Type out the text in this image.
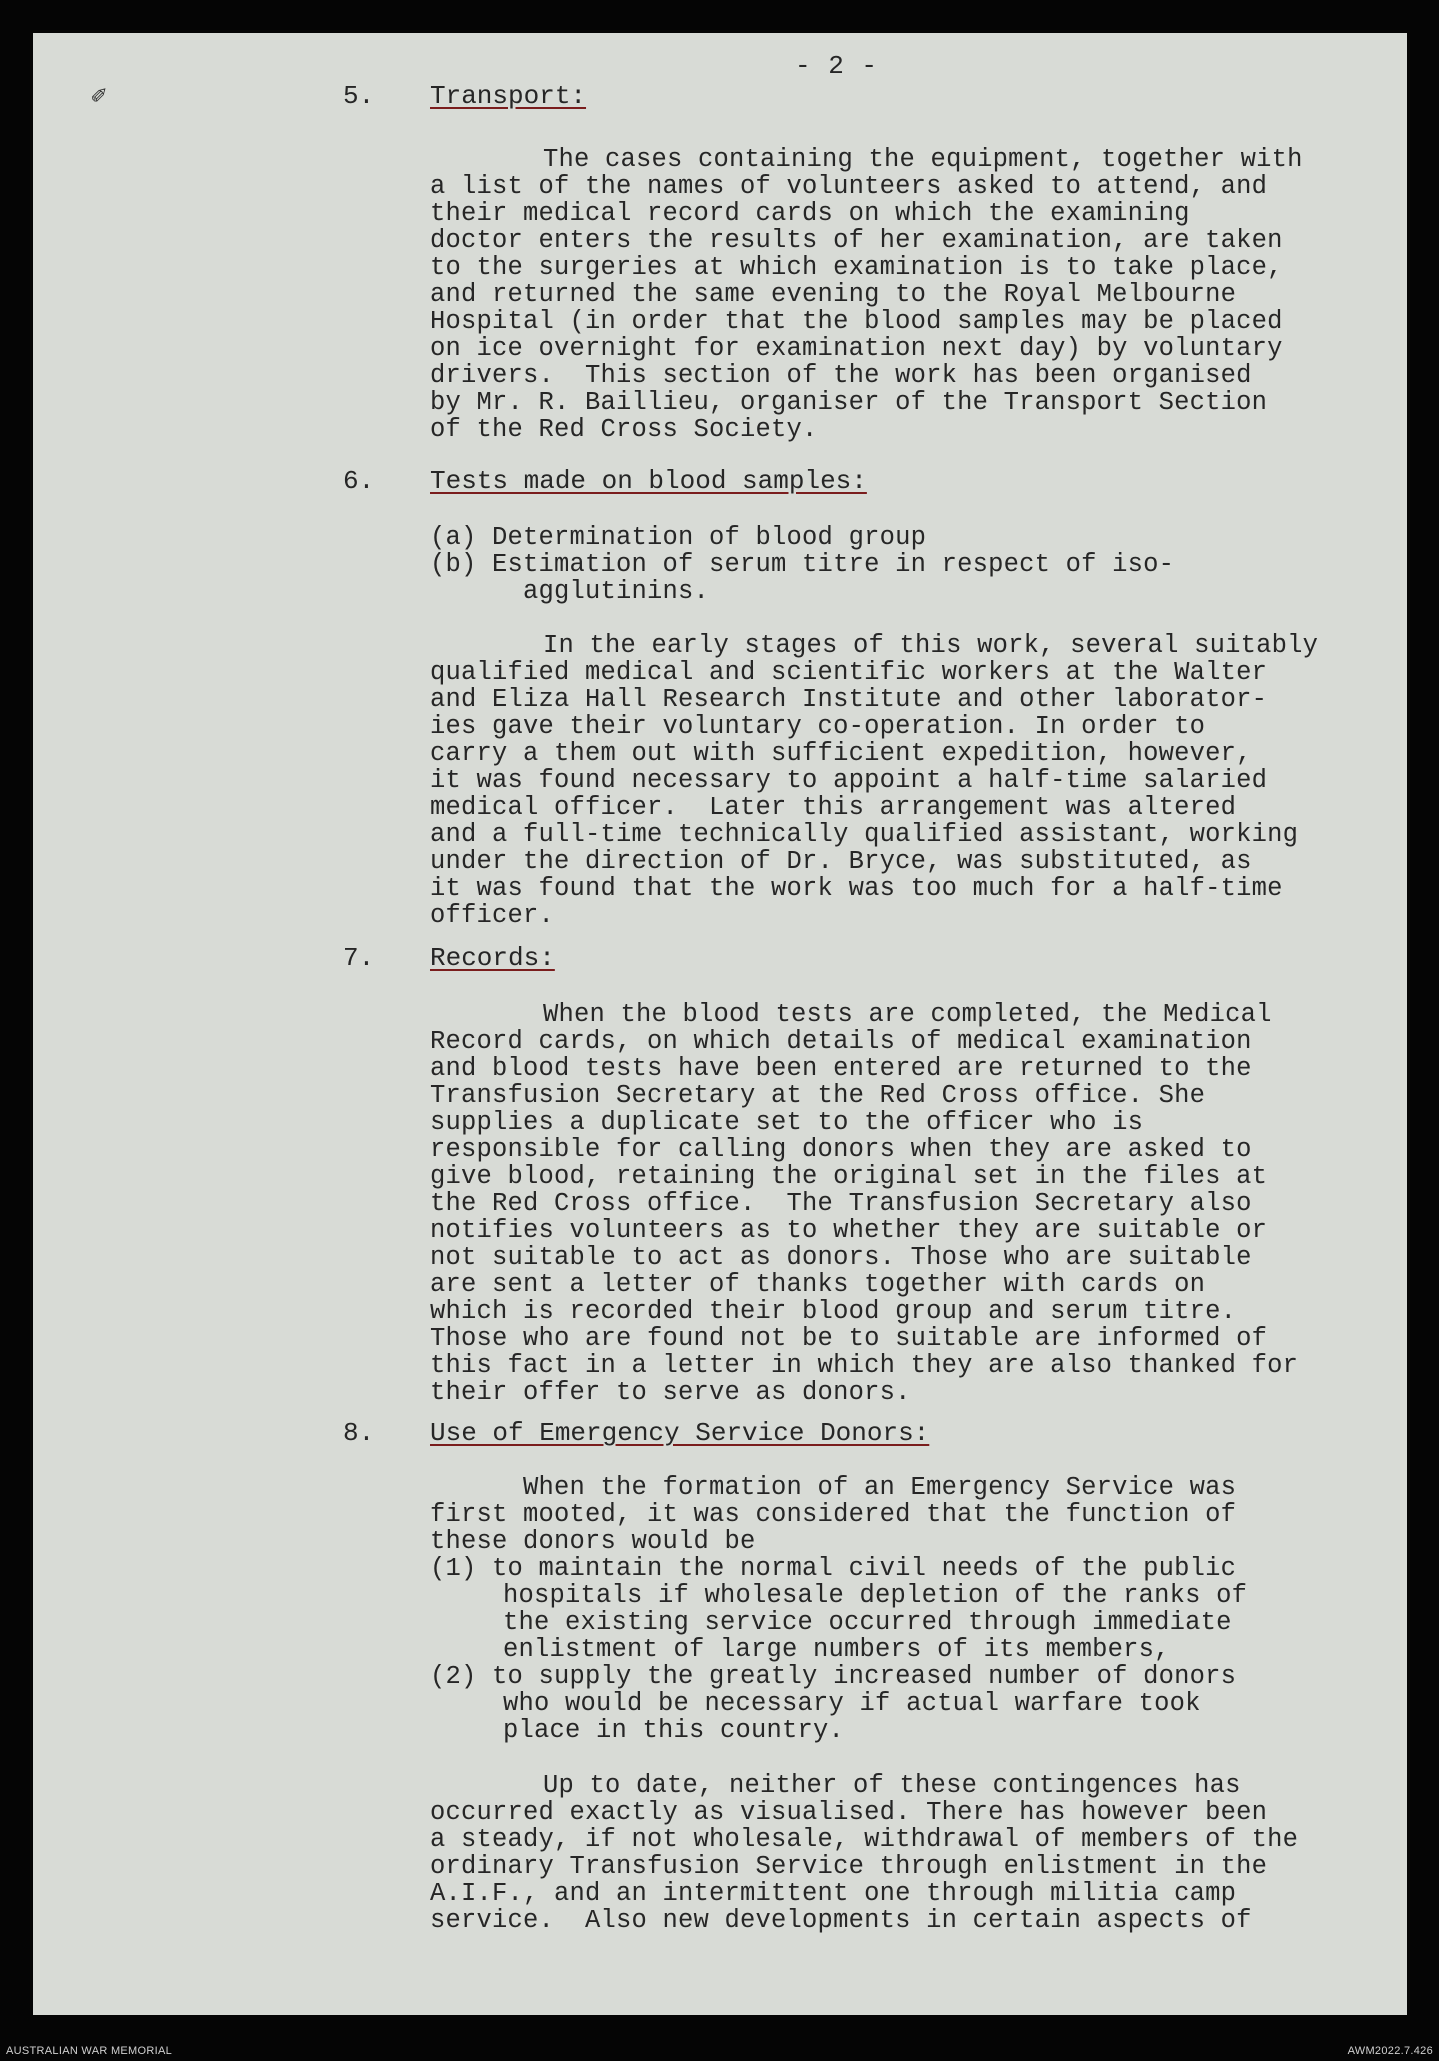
✐
- 2 -
5. Transport:
The cases containing the equipment, together with
a list of the names of volunteers asked to attend, and
their medical record cards on which the examining
doctor enters the results of her examination, are taken
to the surgeries at which examination is to take place,
and returned the same evening to the Royal Melbourne
Hospital (in order that the blood samples may be placed
on ice overnight for examination next day) by voluntary
drivers.  This section of the work has been organised
by Mr. R. Baillieu, organiser of the Transport Section
of the Red Cross Society.
6. Tests made on blood samples:
(a) Determination of blood group
(b) Estimation of serum titre in respect of iso-
agglutinins.
In the early stages of this work, several suitably
qualified medical and scientific workers at the Walter
and Eliza Hall Research Institute and other laborator-
ies gave their voluntary co-operation. In order to
carry a them out with sufficient expedition, however,
it was found necessary to appoint a half-time salaried
medical officer.  Later this arrangement was altered
and a full-time technically qualified assistant, working
under the direction of Dr. Bryce, was substituted, as
it was found that the work was too much for a half-time
officer.
7. Records:
When the blood tests are completed, the Medical
Record cards, on which details of medical examination
and blood tests have been entered are returned to the
Transfusion Secretary at the Red Cross office. She
supplies a duplicate set to the officer who is
responsible for calling donors when they are asked to
give blood, retaining the original set in the files at
the Red Cross office.  The Transfusion Secretary also
notifies volunteers as to whether they are suitable or
not suitable to act as donors. Those who are suitable
are sent a letter of thanks together with cards on
which is recorded their blood group and serum titre.
Those who are found not be to suitable are informed of
this fact in a letter in which they are also thanked for
their offer to serve as donors.
8. Use of Emergency Service Donors:
When the formation of an Emergency Service was
first mooted, it was considered that the function of
these donors would be
(1) to maintain the normal civil needs of the public
hospitals if wholesale depletion of the ranks of
the existing service occurred through immediate
enlistment of large numbers of its members,
(2) to supply the greatly increased number of donors
who would be necessary if actual warfare took
place in this country.
Up to date, neither of these contingences has
occurred exactly as visualised. There has however been
a steady, if not wholesale, withdrawal of members of the
ordinary Transfusion Service through enlistment in the
A.I.F., and an intermittent one through militia camp
service.  Also new developments in certain aspects of
AUSTRALIAN WAR MEMORIAL	AWM2022.7.426
